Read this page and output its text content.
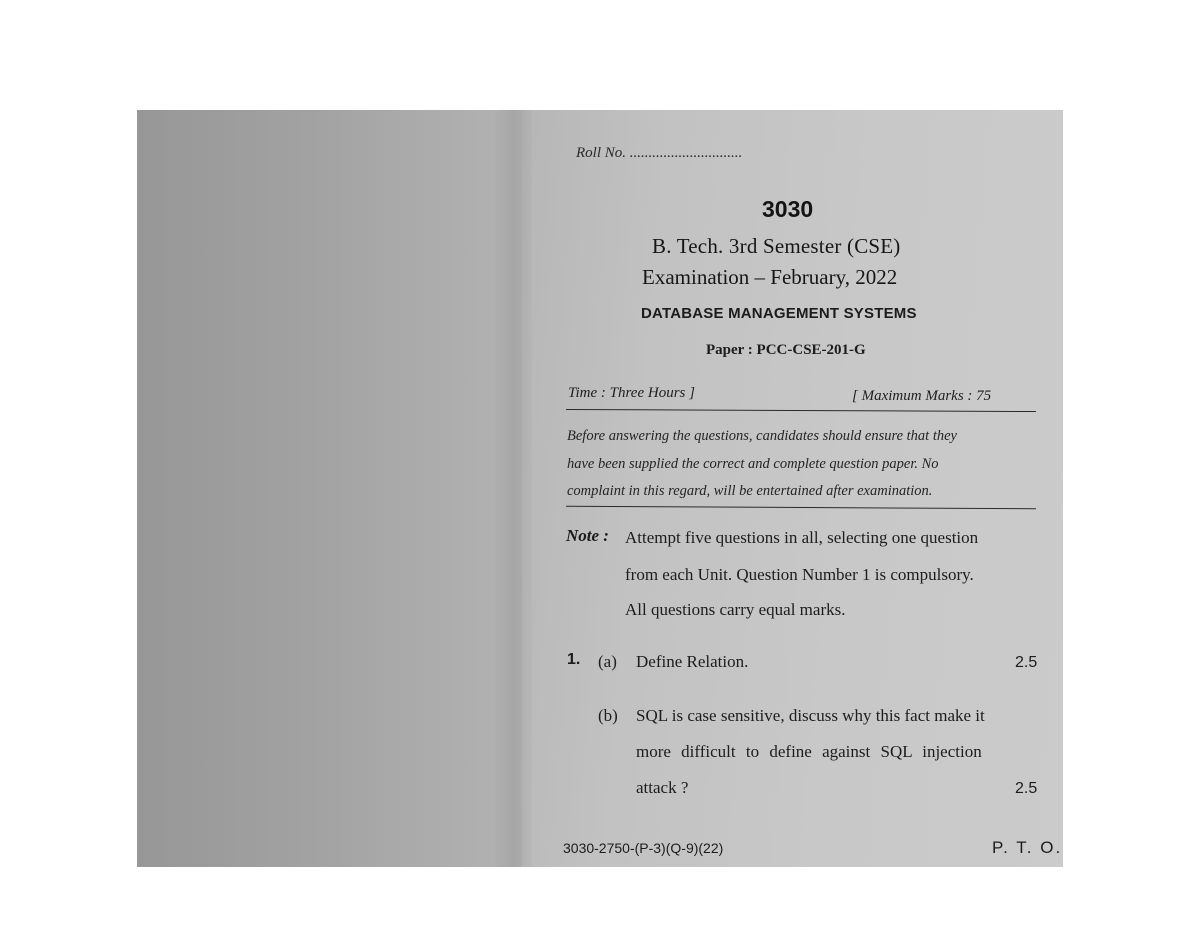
Roll No. ..............................
3030
B. Tech. 3rd Semester (CSE)
Examination – February, 2022
DATABASE MANAGEMENT SYSTEMS
Paper : PCC-CSE-201-G
Time : Three Hours ]	[ Maximum Marks : 75
Before answering the questions, candidates should ensure that they
have been supplied the correct and complete question paper. No
complaint in this regard, will be entertained after examination.
Note : Attempt five questions in all, selecting one question
from each Unit. Question Number 1 is compulsory.
All questions carry equal marks.
1. (a) Define Relation.	2.5
(b) SQL is case sensitive, discuss why this fact make it
more difficult to define against SQL injection
attack ?	2.5
3030-2750-(P-3)(Q-9)(22)	P. T. O.
